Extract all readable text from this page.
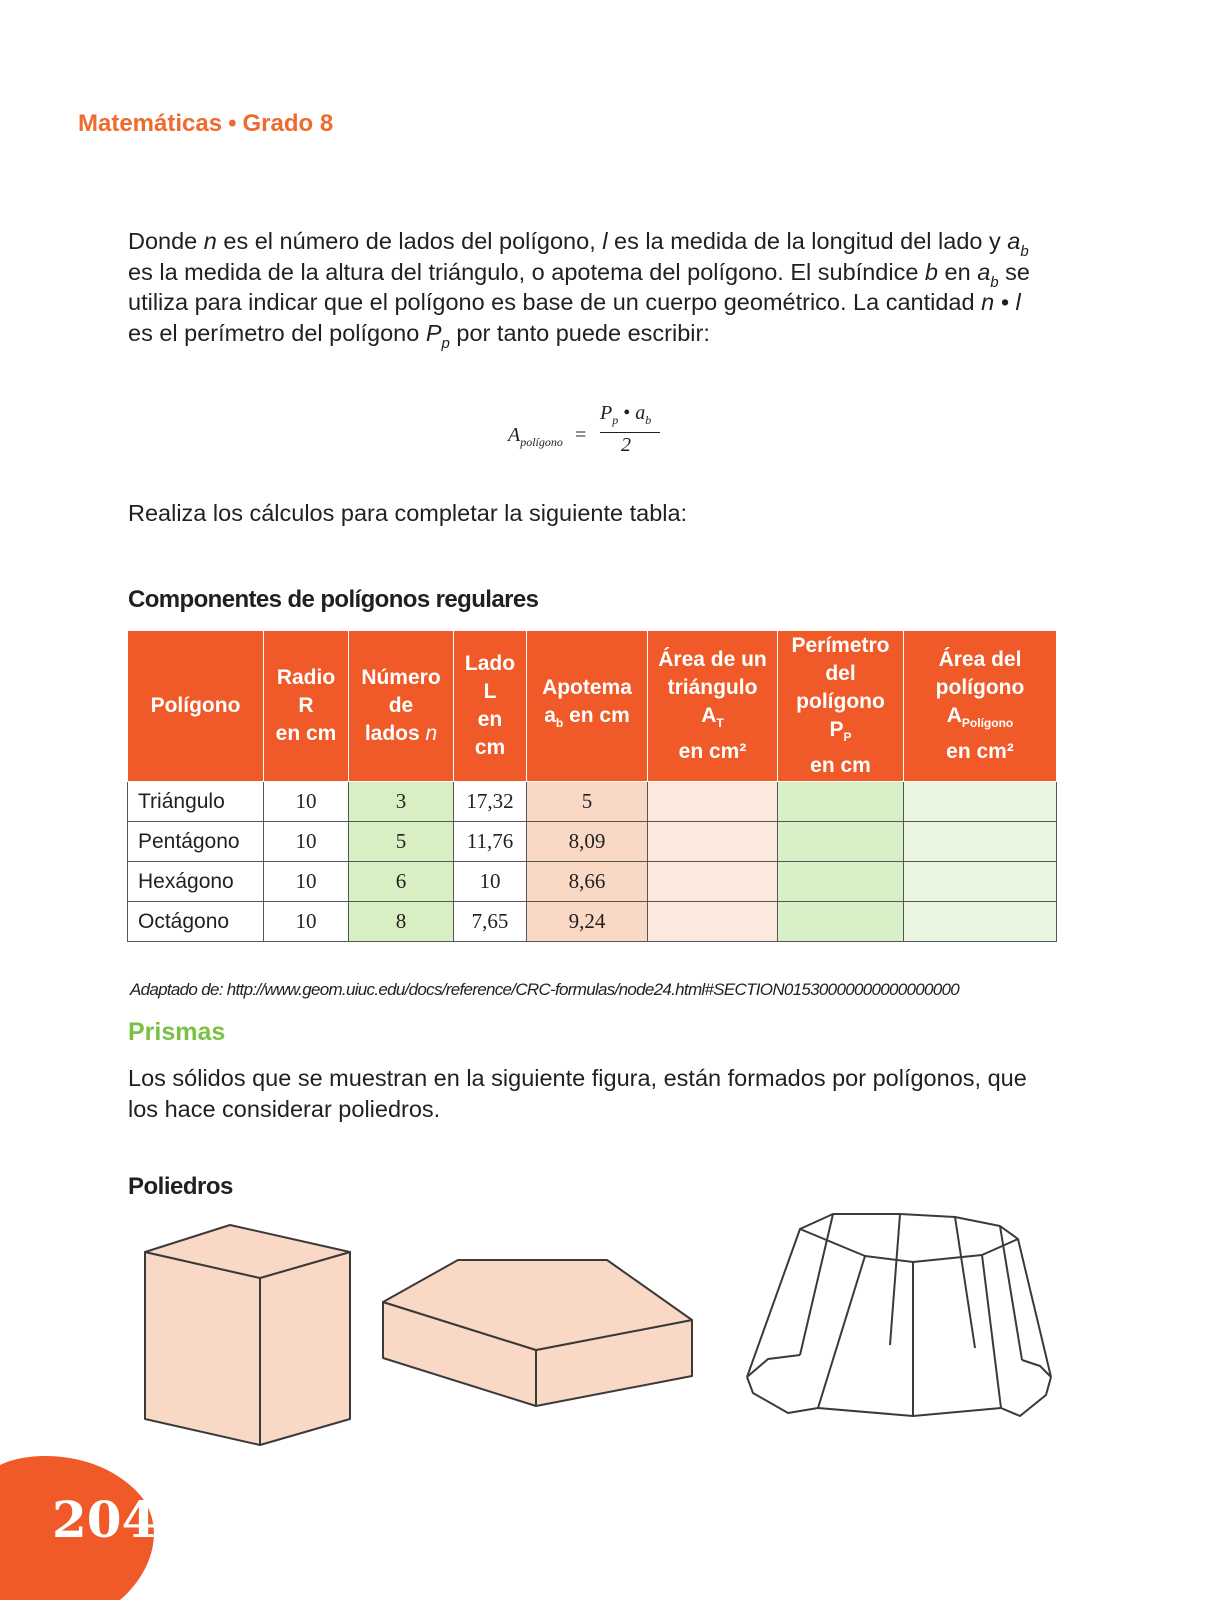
Matemáticas • Grado 8
Donde n es el número de lados del polígono, l es la medida de la longitud del lado y $a_b$ es la medida de la altura del triángulo, o apotema del polígono. El subíndice b en $a_b$ se utiliza para indicar que el polígono es base de un cuerpo geométrico. La cantidad n • l es el perímetro del polígono $P_p$ por tanto puede escribir:
$A_{polígono}$ =
$P_p$ • $a_b$
2
Realiza los cálculos para completar la siguiente tabla:
Componentes de polígonos regulares
Polígono	Radio
R
en cm	Número
de
lados n	Lado
L
en
cm	Apotema
$a_b$ en cm	Área de un
triángulo
$A_T$
en cm²	Perímetro
del
polígono
$P_P$
en cm	Área del
polígono
$A_{Polígono}$
en cm²
Triángulo	10	3	17,32	5			
Pentágono	10	5	11,76	8,09			
Hexágono	10	6	10	8,66			
Octágono	10	8	7,65	9,24			
Adaptado de: http://www.geom.uiuc.edu/docs/reference/CRC-formulas/node24.html#SECTION01530000000000000000
Prismas
Los sólidos que se muestran en la siguiente figura, están formados por polígonos, que los hace considerar poliedros.
Poliedros
204
